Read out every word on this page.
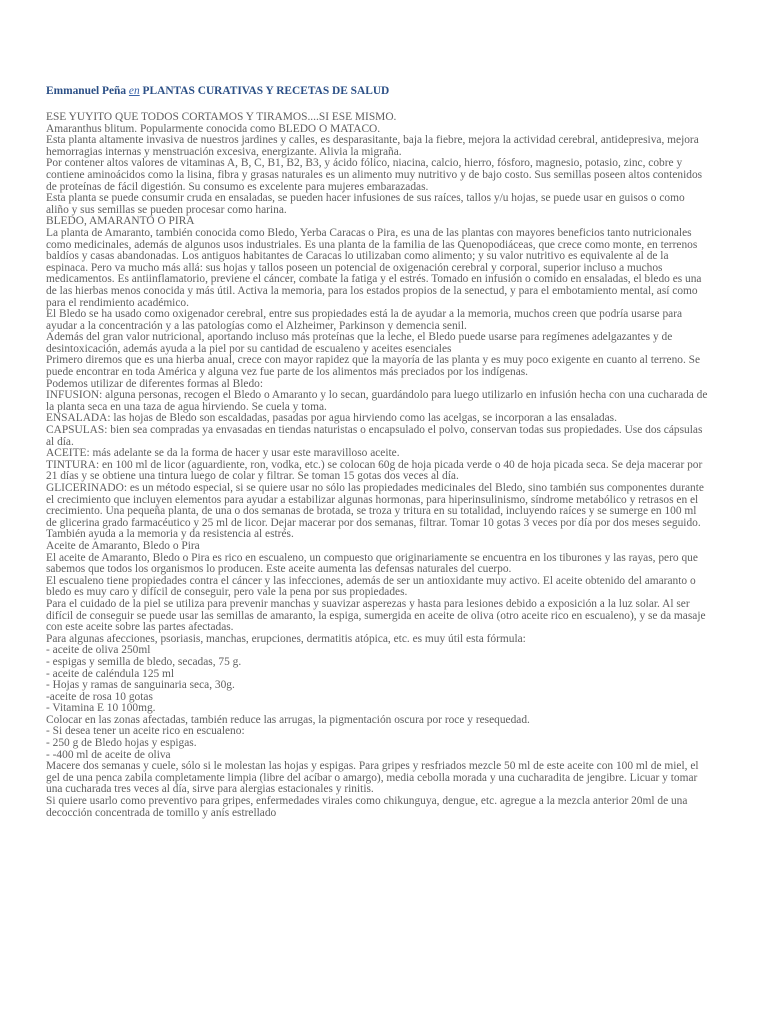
Emmanuel Peña en PLANTAS CURATIVAS Y RECETAS DE SALUD
ESE YUYITO QUE TODOS CORTAMOS Y TIRAMOS....SI ESE MISMO.
Amaranthus blitum. Popularmente conocida como BLEDO O MATACO.
Esta planta altamente invasiva de nuestros jardines y calles, es desparasitante, baja la fiebre, mejora la actividad cerebral, antidepresiva, mejora
hemorragias internas y menstruación excesiva, energizante. Alivia la migraña.
Por contener altos valores de vitaminas A, B, C, B1, B2, B3, y ácido fólico, niacina, calcio, hierro, fósforo, magnesio, potasio, zinc, cobre y
contiene aminoácidos como la lisina, fibra y grasas naturales es un alimento muy nutritivo y de bajo costo. Sus semillas poseen altos contenidos
de proteínas de fácil digestión. Su consumo es excelente para mujeres embarazadas.
Esta planta se puede consumir cruda en ensaladas, se pueden hacer infusiones de sus raíces, tallos y/u hojas, se puede usar en guisos o como
aliño y sus semillas se pueden procesar como harina.
BLEDO, AMARANTO O PIRA
La planta de Amaranto, también conocida como Bledo, Yerba Caracas o Pira, es una de las plantas con mayores beneficios tanto nutricionales
como medicinales, además de algunos usos industriales. Es una planta de la familia de las Quenopodiáceas, que crece como monte, en terrenos
baldíos y casas abandonadas. Los antiguos habitantes de Caracas lo utilizaban como alimento; y su valor nutritivo es equivalente al de la
espinaca. Pero va mucho más allá: sus hojas y tallos poseen un potencial de oxigenación cerebral y corporal, superior incluso a muchos
medicamentos. Es antiinflamatorio, previene el cáncer, combate la fatiga y el estrés. Tomado en infusión o comido en ensaladas, el bledo es una
de las hierbas menos conocida y más útil. Activa la memoria, para los estados propios de la senectud, y para el embotamiento mental, así como
para el rendimiento académico.
El Bledo se ha usado como oxigenador cerebral, entre sus propiedades está la de ayudar a la memoria, muchos creen que podría usarse para
ayudar a la concentración y a las patologías como el Alzheimer, Parkinson y demencia senil.
Además del gran valor nutricional, aportando incluso más proteínas que la leche, el Bledo puede usarse para regímenes adelgazantes y de
desintoxicación, además ayuda a la piel por su cantidad de escualeno y aceites esenciales
Primero diremos que es una hierba anual, crece con mayor rapidez que la mayoría de las planta y es muy poco exigente en cuanto al terreno. Se
puede encontrar en toda América y alguna vez fue parte de los alimentos más preciados por los indígenas.
Podemos utilizar de diferentes formas al Bledo:
INFUSIÓN: alguna personas, recogen el Bledo o Amaranto y lo secan, guardándolo para luego utilizarlo en infusión hecha con una cucharada de
la planta seca en una taza de agua hirviendo. Se cuela y toma.
ENSALADA: las hojas de Bledo son escaldadas, pasadas por agua hirviendo como las acelgas, se incorporan a las ensaladas.
CÁPSULAS: bien sea compradas ya envasadas en tiendas naturistas o encapsulado el polvo, conservan todas sus propiedades. Use dos cápsulas
al día.
ACEITE: más adelante se da la forma de hacer y usar este maravilloso aceite.
TINTURA: en 100 ml de licor (aguardiente, ron, vodka, etc.) se colocan 60g de hoja picada verde o 40 de hoja picada seca. Se deja macerar por
21 días y se obtiene una tintura luego de colar y filtrar. Se toman 15 gotas dos veces al día.
GLICERINADO: es un método especial, si se quiere usar no sólo las propiedades medicinales del Bledo, sino también sus componentes durante
el crecimiento que incluyen elementos para ayudar a estabilizar algunas hormonas, para hiperinsulinismo, síndrome metabólico y retrasos en el
crecimiento. Una pequeña planta, de una o dos semanas de brotada, se troza y tritura en su totalidad, incluyendo raíces y se sumerge en 100 ml
de glicerina grado farmacéutico y 25 ml de licor. Dejar macerar por dos semanas, filtrar. Tomar 10 gotas 3 veces por día por dos meses seguido.
También ayuda a la memoria y da resistencia al estrés.
Aceite de Amaranto, Bledo o Pira
El aceite de Amaranto, Bledo o Pira es rico en escualeno, un compuesto que originariamente se encuentra en los tiburones y las rayas, pero que
sabemos que todos los organismos lo producen. Este aceite aumenta las defensas naturales del cuerpo.
El escualeno tiene propiedades contra el cáncer y las infecciones, además de ser un antioxidante muy activo. El aceite obtenido del amaranto o
bledo es muy caro y difícil de conseguir, pero vale la pena por sus propiedades.
Para el cuidado de la piel se utiliza para prevenir manchas y suavizar asperezas y hasta para lesiones debido a exposición a la luz solar. Al ser
difícil de conseguir se puede usar las semillas de amaranto, la espiga, sumergida en aceite de oliva (otro aceite rico en escualeno), y se da masaje
con este aceite sobre las partes afectadas.
Para algunas afecciones, psoriasis, manchas, erupciones, dermatitis atópica, etc. es muy útil esta fórmula:
- aceite de oliva 250ml
- espigas y semilla de bledo, secadas, 75 g.
- aceite de caléndula 125 ml
- Hojas y ramas de sanguinaria seca, 30g.
-aceite de rosa 10 gotas
- Vitamina E 10 100mg.
Colocar en las zonas afectadas, también reduce las arrugas, la pigmentación oscura por roce y resequedad.
- Si desea tener un aceite rico en escualeno:
- 250 g de Bledo hojas y espigas.
- -400 ml de aceite de oliva
Macere dos semanas y cuele, sólo si le molestan las hojas y espigas. Para gripes y resfriados mezcle 50 ml de este aceite con 100 ml de miel, el
gel de una penca zabila completamente limpia (libre del acíbar o amargo), media cebolla morada y una cucharadita de jengibre. Licuar y tomar
una cucharada tres veces al día, sirve para alergias estacionales y rinitis.
Si quiere usarlo como preventivo para gripes, enfermedades virales como chikunguya, dengue, etc. agregue a la mezcla anterior 20ml de una
decocción concentrada de tomillo y anís estrellado
